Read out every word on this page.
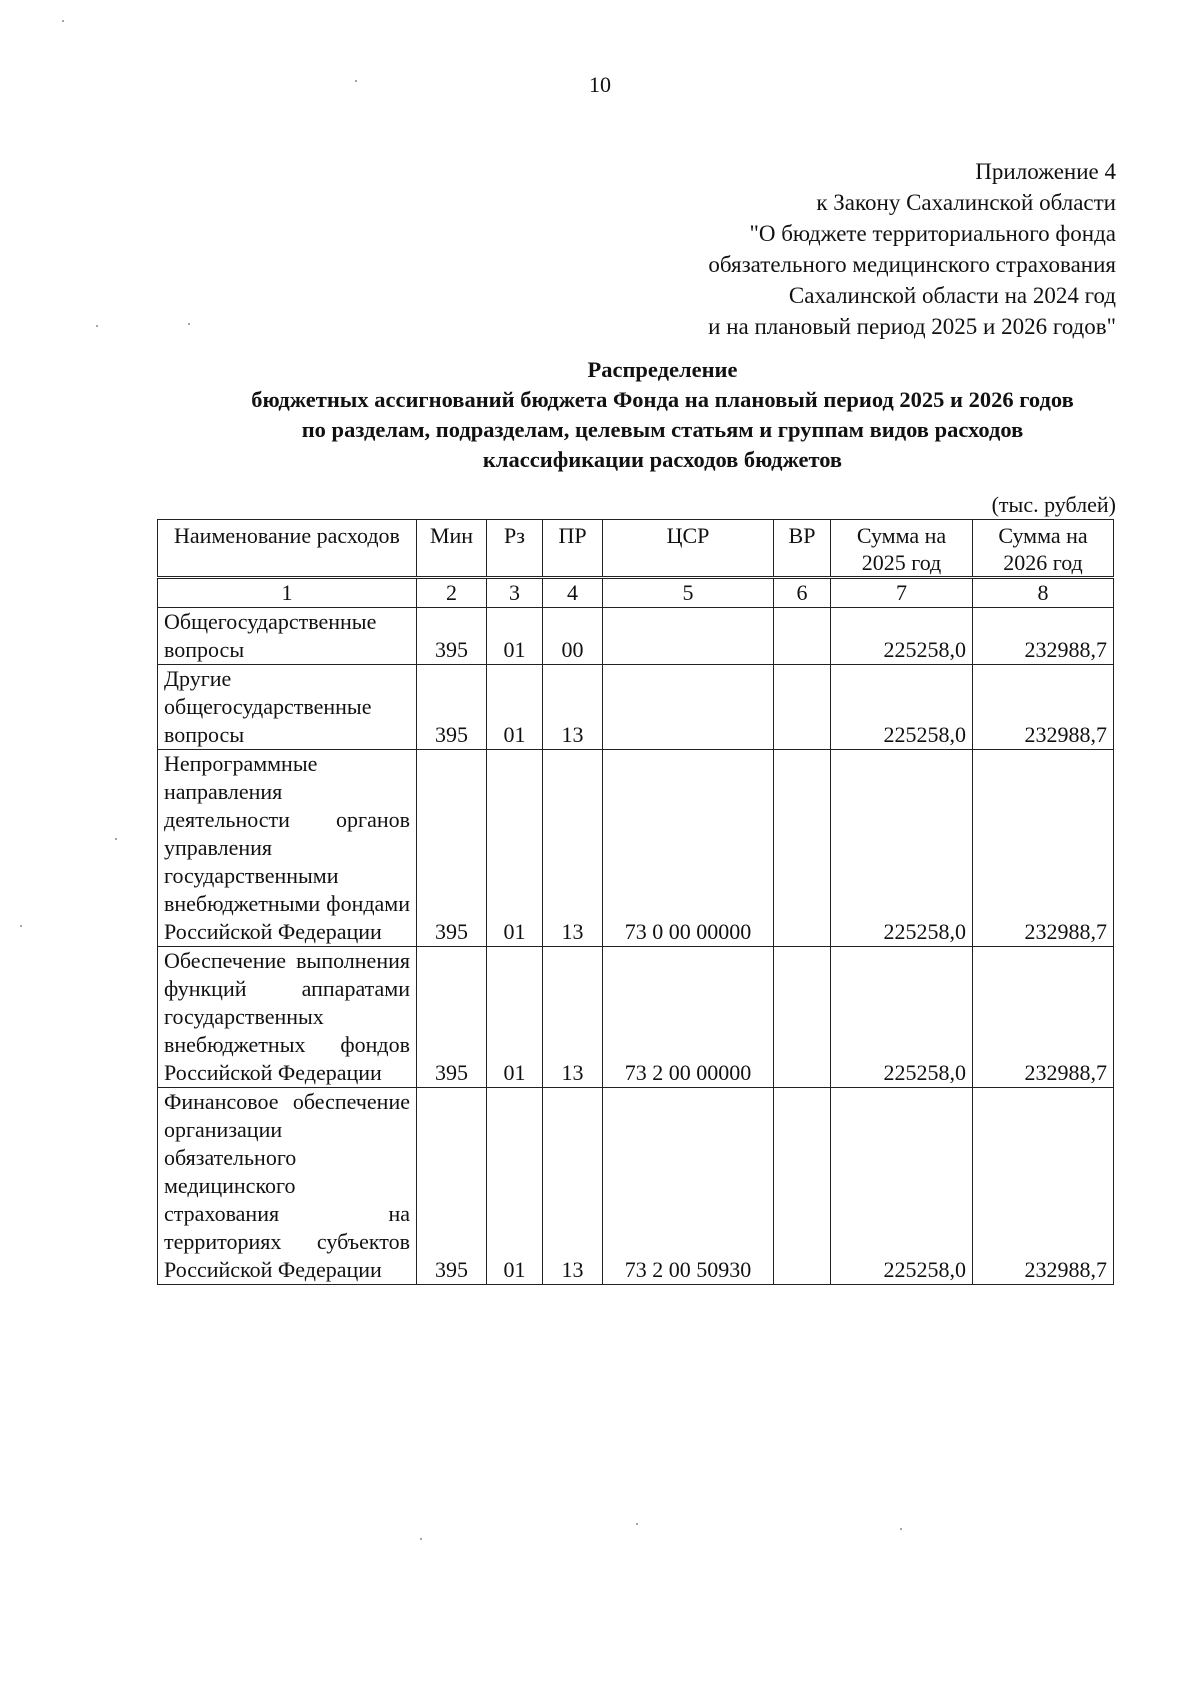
10
Приложение 4
к Закону Сахалинской области
"О бюджете территориального фонда
обязательного медицинского страхования
Сахалинской области на 2024 год
и на плановый период 2025 и 2026 годов"
Распределение
бюджетных ассигнований бюджета Фонда на плановый период 2025 и 2026 годов
по разделам, подразделам, целевым статьям и группам видов расходов
классификации расходов бюджетов
(тыс. рублей)
Наименование расходов	Мин	Рз	ПР	ЦСР	ВР	Сумма на 2025 год	Сумма на 2026 год
1	2	3	4	5	6	7	8
Общегосударственные вопросы	395	01	00			225258,0	232988,7
Другие общегосударственные вопросы	395	01	13			225258,0	232988,7
Непрограммные направления деятельности органов управления государственными внебюджетными фондами Российской Федерации	395	01	13	73 0 00 00000		225258,0	232988,7
Обеспечение выполнения функций аппаратами государственных внебюджетных фондов Российской Федерации	395	01	13	73 2 00 00000		225258,0	232988,7
Финансовое обеспечение организации обязательного медицинского страхования на территориях субъектов Российской Федерации	395	01	13	73 2 00 50930		225258,0	232988,7
